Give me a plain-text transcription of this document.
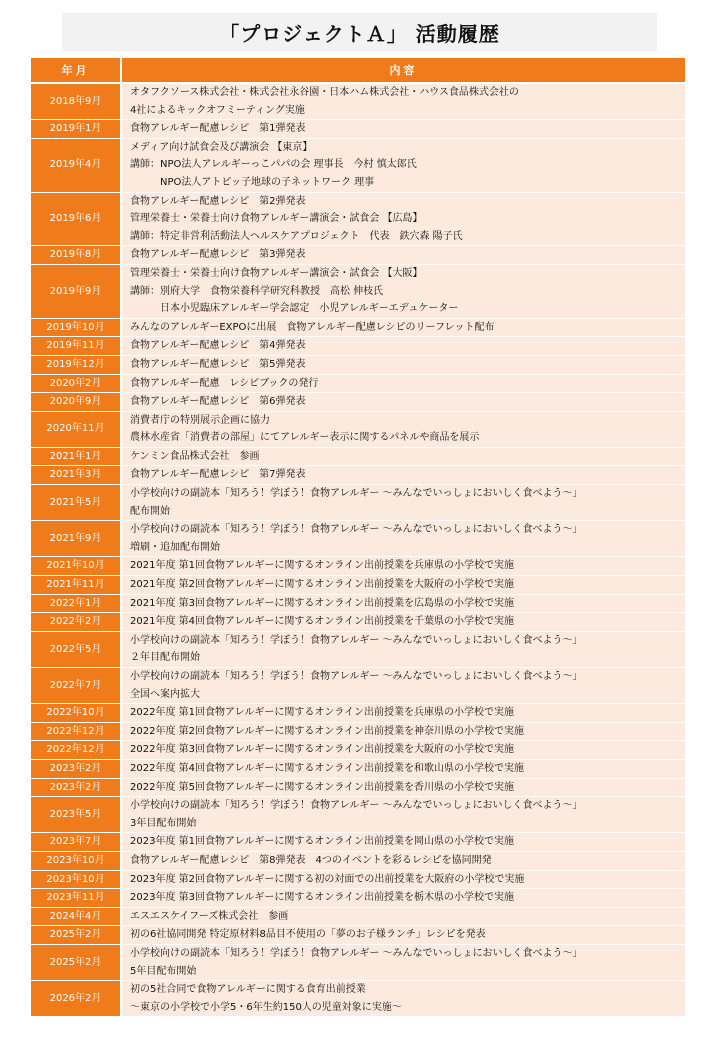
「プロジェクトＡ」 活動履歴
年月	内容
2018年9月	オタフクソース株式会社・株式会社永谷園・日本ハム株式会社・ハウス食品株式会社の
4社によるキックオフミーティング実施

2019年1月	食物アレルギー配慮レシピ　第1弾発表

2019年4月	メディア向け試食会及び講演会 【東京】
講師：NPO法人アレルギーっこパパの会 理事長　今村 慎太郎氏
　　　NPO法人アトピッ子地球の子ネットワーク 理事

2019年6月	食物アレルギー配慮レシピ　第2弾発表
管理栄養士・栄養士向け食物アレルギー講演会・試食会 【広島】
講師：特定非営利活動法人ヘルスケアプロジェクト　代表　鉄穴森 陽子氏

2019年8月	食物アレルギー配慮レシピ　第3弾発表

2019年9月	管理栄養士・栄養士向け食物アレルギー講演会・試食会 【大阪】
講師：別府大学　食物栄養科学研究科教授　高松 伸枝氏
　　　日本小児臨床アレルギー学会認定　小児アレルギーエデュケーター

2019年10月	みんなのアレルギーEXPOに出展　食物アレルギー配慮レシピのリーフレット配布

2019年11月	食物アレルギー配慮レシピ　第4弾発表

2019年12月	食物アレルギー配慮レシピ　第5弾発表

2020年2月	食物アレルギー配慮　レシピブックの発行

2020年9月	食物アレルギー配慮レシピ　第6弾発表

2020年11月	消費者庁の特別展示企画に協力
農林水産省「消費者の部屋」にてアレルギー表示に関するパネルや商品を展示

2021年1月	ケンミン食品株式会社　参画

2021年3月	食物アレルギー配慮レシピ　第7弾発表

2021年5月	小学校向けの副読本「知ろう！学ぼう！食物アレルギー ～みんなでいっしょにおいしく食べよう～」
配布開始

2021年9月	小学校向けの副読本「知ろう！学ぼう！食物アレルギー ～みんなでいっしょにおいしく食べよう～」
増刷・追加配布開始

2021年10月	2021年度 第1回食物アレルギーに関するオンライン出前授業を兵庫県の小学校で実施

2021年11月	2021年度 第2回食物アレルギーに関するオンライン出前授業を大阪府の小学校で実施

2022年1月	2021年度 第3回食物アレルギーに関するオンライン出前授業を広島県の小学校で実施

2022年2月	2021年度 第4回食物アレルギーに関するオンライン出前授業を千葉県の小学校で実施

2022年5月	小学校向けの副読本「知ろう！学ぼう！食物アレルギー ～みんなでいっしょにおいしく食べよう～」
２年目配布開始

2022年7月	小学校向けの副読本「知ろう！学ぼう！食物アレルギー ～みんなでいっしょにおいしく食べよう～」
全国へ案内拡大

2022年10月	2022年度 第1回食物アレルギーに関するオンライン出前授業を兵庫県の小学校で実施

2022年12月	2022年度 第2回食物アレルギーに関するオンライン出前授業を神奈川県の小学校で実施

2022年12月	2022年度 第3回食物アレルギーに関するオンライン出前授業を大阪府の小学校で実施

2023年2月	2022年度 第4回食物アレルギーに関するオンライン出前授業を和歌山県の小学校で実施

2023年2月	2022年度 第5回食物アレルギーに関するオンライン出前授業を香川県の小学校で実施

2023年5月	小学校向けの副読本「知ろう！学ぼう！食物アレルギー ～みんなでいっしょにおいしく食べよう～」
3年目配布開始

2023年7月	2023年度 第1回食物アレルギーに関するオンライン出前授業を岡山県の小学校で実施

2023年10月	食物アレルギー配慮レシピ　第8弾発表　4つのイベントを彩るレシピを協同開発

2023年10月	2023年度 第2回食物アレルギーに関する初の対面での出前授業を大阪府の小学校で実施

2023年11月	2023年度 第3回食物アレルギーに関するオンライン出前授業を栃木県の小学校で実施

2024年4月	エスエスケイフーズ株式会社　参画

2025年2月	初の6社協同開発 特定原材料8品目不使用の「夢のお子様ランチ」レシピを発表

2025年2月	小学校向けの副読本「知ろう！学ぼう！食物アレルギー ～みんなでいっしょにおいしく食べよう～」
5年目配布開始

2026年2月	初の5社合同で食物アレルギーに関する食育出前授業
～東京の小学校で小学5・6年生約150人の児童対象に実施～
